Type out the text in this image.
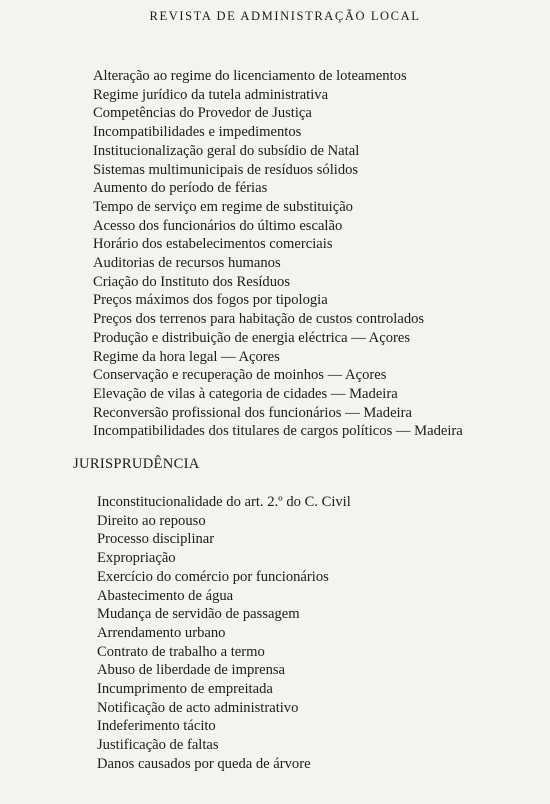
REVISTA DE ADMINISTRAÇÃO LOCAL
Alteração ao regime do licenciamento de loteamentos
Regime jurídico da tutela administrativa
Competências do Provedor de Justiça
Incompatibilidades e impedimentos
Institucionalização geral do subsídio de Natal
Sistemas multimunicipais de resíduos sólidos
Aumento do período de férias
Tempo de serviço em regime de substituição
Acesso dos funcionários do último escalão
Horário dos estabelecimentos comerciais
Auditorias de recursos humanos
Criação do Instituto dos Resíduos
Preços máximos dos fogos por tipologia
Preços dos terrenos para habitação de custos controlados
Produção e distribuição de energia eléctrica — Açores
Regime da hora legal — Açores
Conservação e recuperação de moinhos — Açores
Elevação de vilas à categoria de cidades — Madeira
Reconversão profissional dos funcionários — Madeira
Incompatibilidades dos titulares de cargos políticos — Madeira
JURISPRUDÊNCIA
Inconstitucionalidade do art. 2.º do C. Civil
Direito ao repouso
Processo disciplinar
Expropriação
Exercício do comércio por funcionários
Abastecimento de água
Mudança de servidão de passagem
Arrendamento urbano
Contrato de trabalho a termo
Abuso de liberdade de imprensa
Incumprimento de empreitada
Notificação de acto administrativo
Indeferimento tácito
Justificação de faltas
Danos causados por queda de árvore
